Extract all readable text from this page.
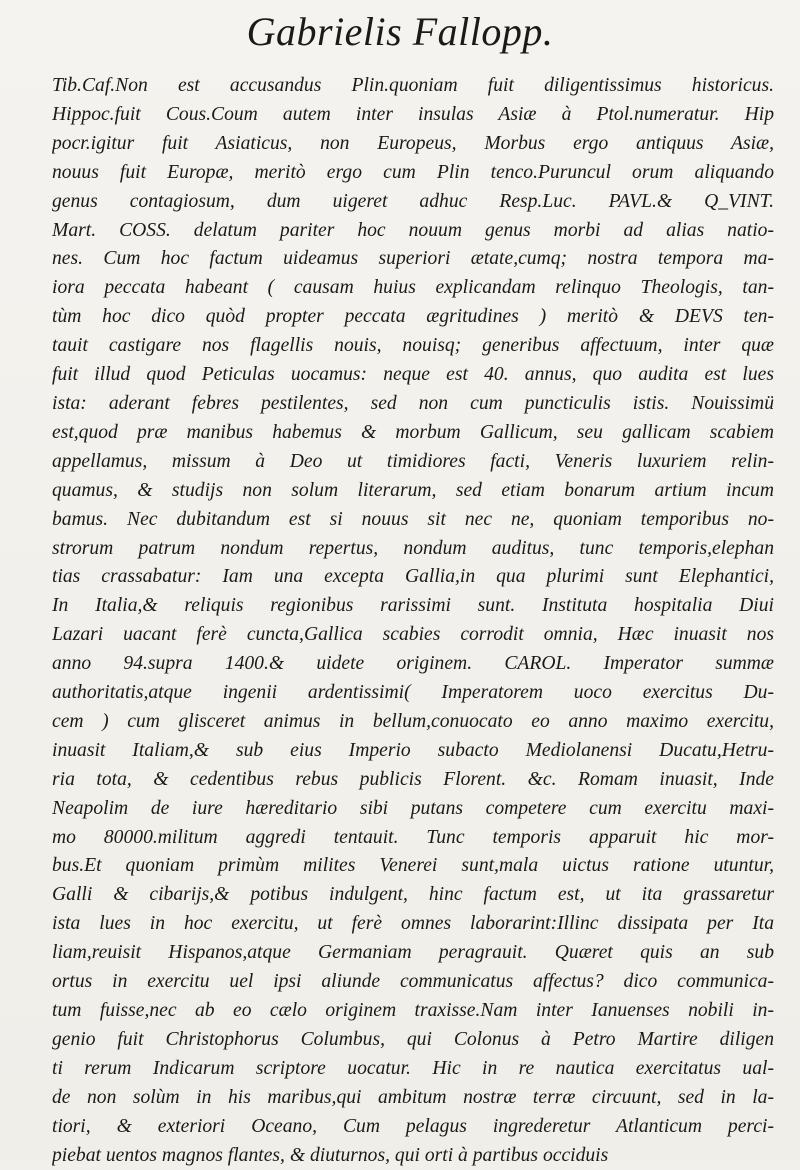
Gabrielis Fallopp.
Tib.Caf.Non est accusandus Plin.quoniam fuit diligentissimus historicus.
Hippoc.fuit Cous.Coum autem inter insulas Asiæ à Ptol.numeratur. Hip
pocr.igitur fuit Asiaticus, non Europeus, Morbus ergo antiquus Asiæ,
nouus fuit Europæ, meritò ergo cum Plin tenco.Puruncul orum aliquando
genus contagiosum, dum uigeret adhuc Resp.Luc. PAVL.& Q_VINT.
Mart. COSS. delatum pariter hoc nouum genus morbi ad alias natio-
nes. Cum hoc factum uideamus superiori ætate,cumq; nostra tempora ma-
iora peccata habeant ( causam huius explicandam relinquo Theologis, tan-
tùm hoc dico quòd propter peccata ægritudines ) meritò & DEVS ten-
tauit castigare nos flagellis nouis, nouisq; generibus affectuum, inter quæ
fuit illud quod Peticulas uocamus: neque est 40. annus, quo audita est lues
ista: aderant febres pestilentes, sed non cum puncticulis istis. Nouissimü
est,quod præ manibus habemus & morbum Gallicum, seu gallicam scabiem
appellamus, missum à Deo ut timidiores facti, Veneris luxuriem relin-
quamus, & studijs non solum literarum, sed etiam bonarum artium incum
bamus. Nec dubitandum est si nouus sit nec ne, quoniam temporibus no-
strorum patrum nondum repertus, nondum auditus, tunc temporis,elephan
tias crassabatur: Iam una excepta Gallia,in qua plurimi sunt Elephantici,
In Italia,& reliquis regionibus rarissimi sunt. Instituta hospitalia Diui
Lazari uacant ferè cuncta,Gallica scabies corrodit omnia, Hæc inuasit nos
anno 94.supra 1400.& uidete originem. CAROL. Imperator summæ
authoritatis,atque ingenii ardentissimi( Imperatorem uoco exercitus Du-
cem ) cum glisceret animus in bellum,conuocato eo anno maximo exercitu,
inuasit Italiam,& sub eius Imperio subacto Mediolanensi Ducatu,Hetru-
ria tota, & cedentibus rebus publicis Florent. &c. Romam inuasit, Inde
Neapolim de iure hæreditario sibi putans competere cum exercitu maxi-
mo 80000.militum aggredi tentauit. Tunc temporis apparuit hic mor-
bus.Et quoniam primùm milites Venerei sunt,mala uictus ratione utuntur,
Galli & cibarijs,& potibus indulgent, hinc factum est, ut ita grassaretur
ista lues in hoc exercitu, ut ferè omnes laborarint:Illinc dissipata per Ita
liam,reuisit Hispanos,atque Germaniam peragrauit. Quæret quis an sub
ortus in exercitu uel ipsi aliunde communicatus affectus? dico communica-
tum fuisse,nec ab eo cælo originem traxisse.Nam inter Ianuenses nobili in-
genio fuit Christophorus Columbus, qui Colonus à Petro Martire diligen
ti rerum Indicarum scriptore uocatur. Hic in re nautica exercitatus ual-
de non solùm in his maribus,qui ambitum nostræ terræ circuunt, sed in la-
tiori, & exteriori Oceano, Cum pelagus ingrederetur Atlanticum perci-
piebat uentos magnos flantes, & diuturnos, qui orti à partibus occiduis
